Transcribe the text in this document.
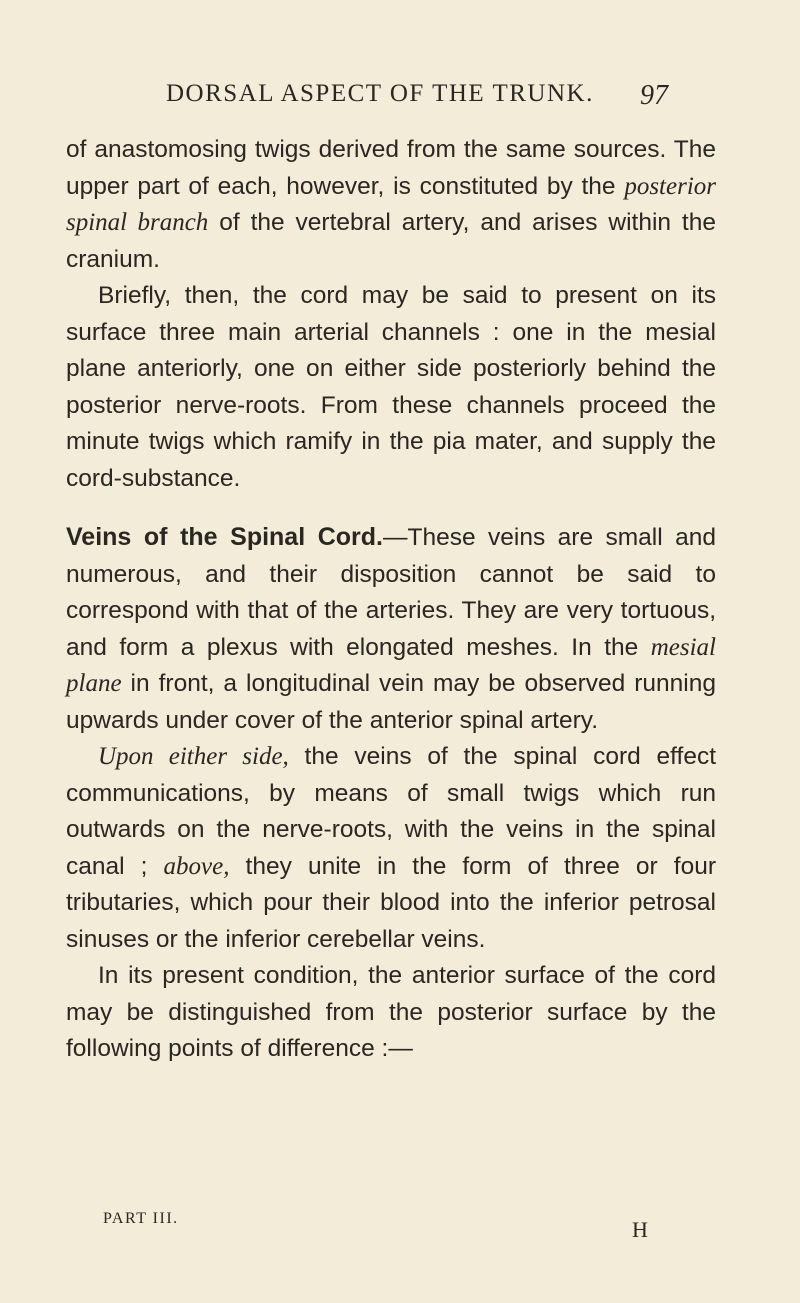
DORSAL ASPECT OF THE TRUNK. 97

of anastomosing twigs derived from the same sources. The upper part of each, however, is constituted by the posterior spinal branch of the vertebral artery, and arises within the cranium.

Briefly, then, the cord may be said to present on its surface three main arterial channels : one in the mesial plane anteriorly, one on either side posteriorly behind the posterior nerve-roots. From these channels proceed the minute twigs which ramify in the pia mater, and supply the cord-substance.

Veins of the Spinal Cord.—These veins are small and numerous, and their disposition cannot be said to correspond with that of the arteries. They are very tortuous, and form a plexus with elongated meshes. In the mesial plane in front, a longitudinal vein may be observed running upwards under cover of the anterior spinal artery.

Upon either side, the veins of the spinal cord effect communications, by means of small twigs which run outwards on the nerve-roots, with the veins in the spinal canal ; above, they unite in the form of three or four tributaries, which pour their blood into the inferior petrosal sinuses or the inferior cerebellar veins.

In its present condition, the anterior surface of the cord may be distinguished from the posterior surface by the following points of difference :—

PART III.	H
